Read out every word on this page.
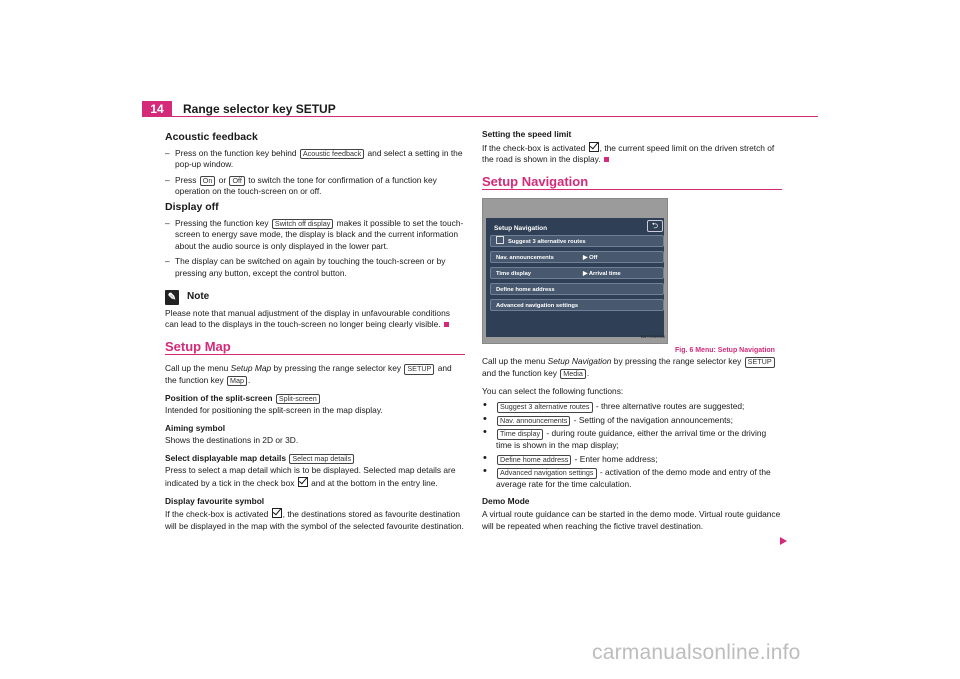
14	Range selector key SETUP
Acoustic feedback
– Press on the function key behind Acoustic feedback and select a setting in the pop-up window.
– Press On or Off to switch the tone for confirmation of a function key operation on the touch-screen on or off.
Display off
– Pressing the function key Switch off display makes it possible to set the touch-screen to energy save mode, the display is black and the current information about the audio source is only displayed in the lower part.
– The display can be switched on again by touching the touch-screen or by pressing any button, except the control button.
✎ Note

Please note that manual adjustment of the display in unfavourable conditions can lead to the displays in the touch-screen no longer being clearly visible.

Setup Map

Call up the menu Setup Map by pressing the range selector key SETUP and the function key Map .

Position of the split-screen Split-screen

Intended for positioning the split-screen in the map display.

Aiming symbol

Shows the destinations in 2D or 3D.

Select displayable map details Select map details

Press to select a map detail which is to be displayed. Selected map details are indicated by a tick in the check box and at the bottom in the entry line.

Display favourite symbol

If the check-box is activated , the destinations stored as favourite destination will be displayed in the map with the symbol of the selected favourite destination.

Setting the speed limit

If the check-box is activated , the current speed limit on the driven stretch of the road is shown in the display.

Setup Navigation
Setup Navigation	⮌
Suggest 3 alternative routes
Nav. announcements	▶ Off
Time display	▶ Arrival time
Define home address
Advanced navigation settings
BAT-0049050

Call up the menu Setup Navigation by pressing the range selector key SETUP and the function key Media .

You can select the following functions:

• Suggest 3 alternative routes - three alternative routes are suggested;
• Nav. announcements - Setting of the navigation announcements;
• Time display - during route guidance, either the arrival time or the driving time is shown in the map display;
• Define home address - Enter home address;
• Advanced navigation settings - activation of the demo mode and entry of the average rate for the time calculation.
Demo Mode

A virtual route guidance can be started in the demo mode. Virtual route guidance will be repeated when reaching the fictive travel destination.

Fig. 6 Menu: Setup Navigation
carmanualsonline.info
